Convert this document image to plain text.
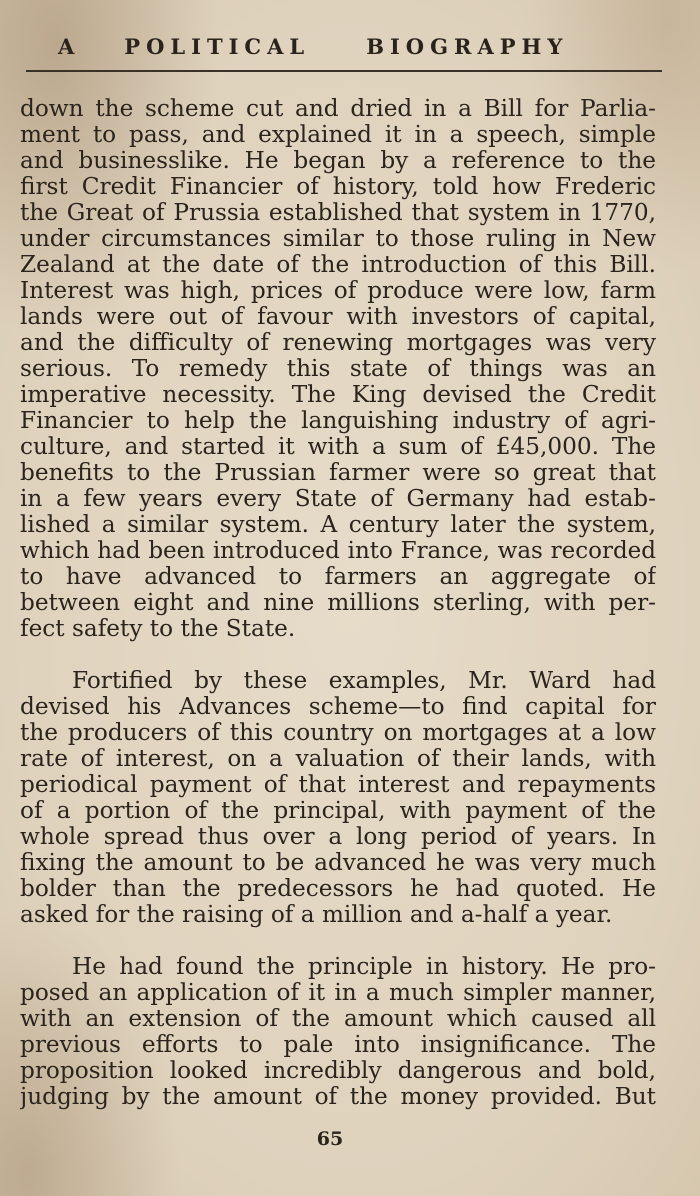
A POLITICAL	BIOGRAPHY

down the scheme cut and dried in a Bill for Parlia-
ment to pass, and explained it in a speech, simple
and businesslike. He began by a reference to the
first Credit Financier of history, told how Frederic
the Great of Prussia established that system in 1770,
under circumstances similar to those ruling in New
Zealand at the date of the introduction of this Bill.
Interest was high, prices of produce were low, farm
lands were out of favour with investors of capital,
and the difficulty of renewing mortgages was very
serious. To remedy this state of things was an
imperative necessity. The King devised the Credit
Financier to help the languishing industry of agri-
culture, and started it with a sum of £45,000. The
benefits to the Prussian farmer were so great that
in a few years every State of Germany had estab-
lished a similar system. A century later the system,
which had been introduced into France, was recorded
to have advanced to farmers an aggregate of
between eight and nine millions sterling, with per-
fect safety to the State.

Fortified by these examples, Mr. Ward had
devised his Advances scheme—to find capital for
the producers of this country on mortgages at a low
rate of interest, on a valuation of their lands, with
periodical payment of that interest and repayments
of a portion of the principal, with payment of the
whole spread thus over a long period of years. In
fixing the amount to be advanced he was very much
bolder than the predecessors he had quoted. He
asked for the raising of a million and a-half a year.

He had found the principle in history. He pro-
posed an application of it in a much simpler manner,
with an extension of the amount which caused all
previous efforts to pale into insignificance. The
proposition looked incredibly dangerous and bold,
judging by the amount of the money provided. But

65
